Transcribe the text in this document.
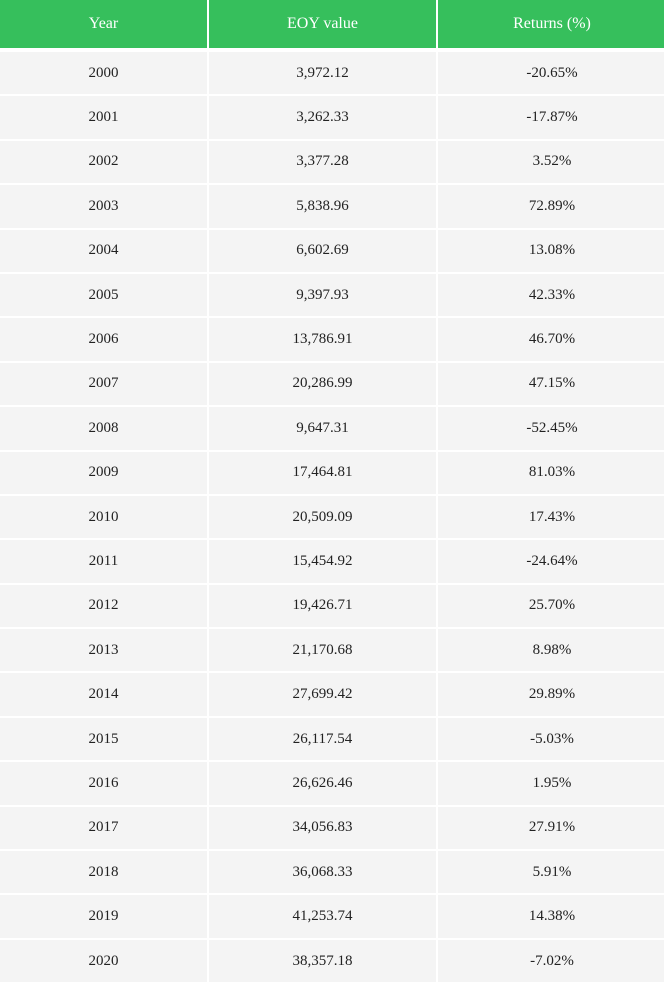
Year	EOY value	Returns (%)
2000	3,972.12	-20.65%
2001	3,262.33	-17.87%
2002	3,377.28	3.52%
2003	5,838.96	72.89%
2004	6,602.69	13.08%
2005	9,397.93	42.33%
2006	13,786.91	46.70%
2007	20,286.99	47.15%
2008	9,647.31	-52.45%
2009	17,464.81	81.03%
2010	20,509.09	17.43%
2011	15,454.92	-24.64%
2012	19,426.71	25.70%
2013	21,170.68	8.98%
2014	27,699.42	29.89%
2015	26,117.54	-5.03%
2016	26,626.46	1.95%
2017	34,056.83	27.91%
2018	36,068.33	5.91%
2019	41,253.74	14.38%
2020	38,357.18	-7.02%
